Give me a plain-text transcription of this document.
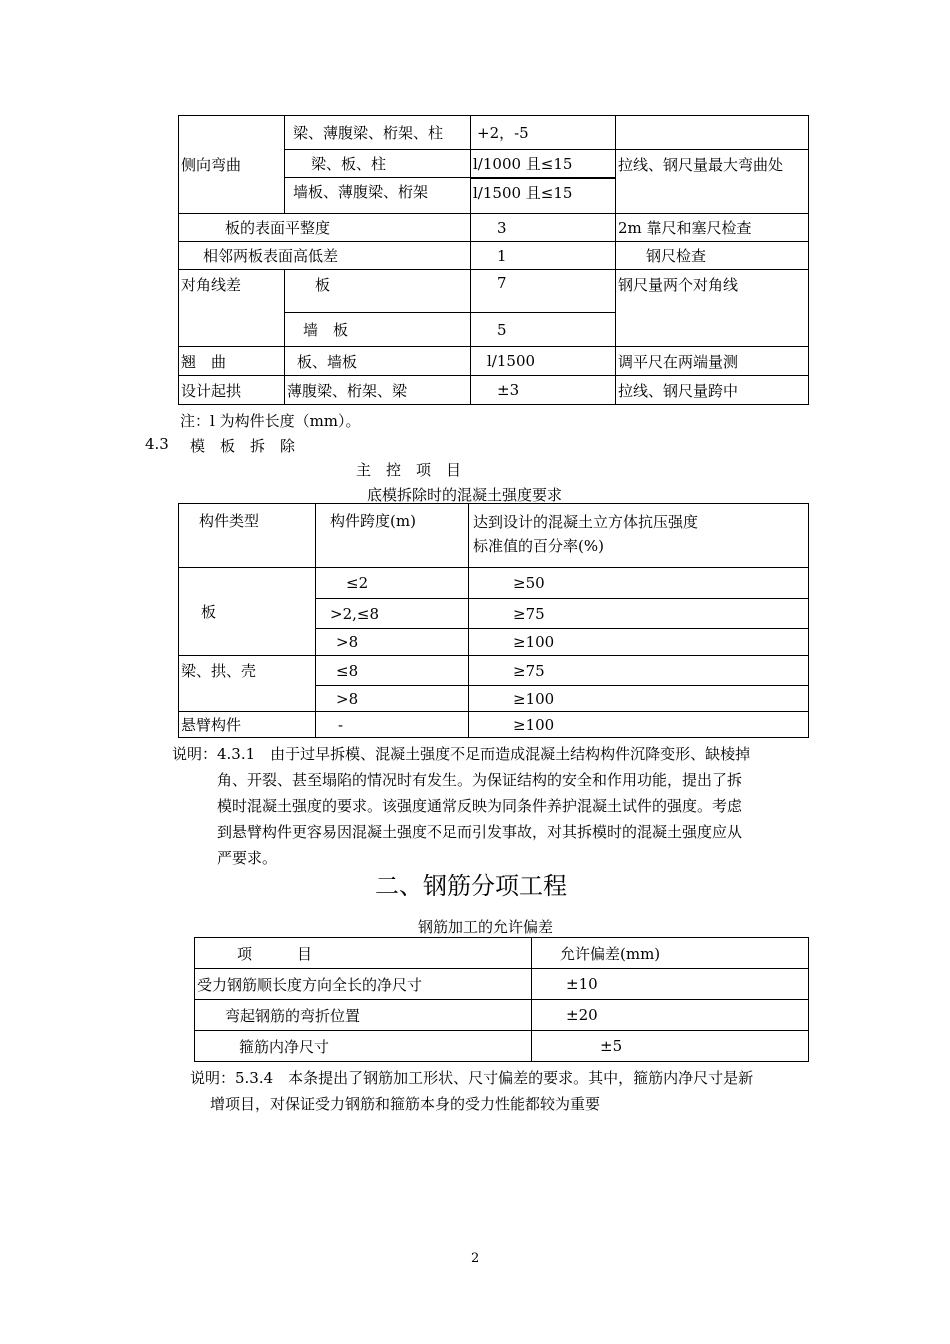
侧向弯曲	梁、薄腹梁、桁架、柱	+2，-5	
	梁、板、柱	l/1000 且≤15	拉线、钢尺量最大弯曲处
	墙板、薄腹梁、桁架	l/1500 且≤15	
板的表面平整度		3	2m 靠尺和塞尺检查
相邻两板表面高低差		1	钢尺检查
对角线差	板	7	钢尺量两个对角线
	墙　板	5	
翘　曲	板、墙板	l/1500	调平尺在两端量测
设计起拱	薄腹梁、桁架、梁	±3	拉线、钢尺量跨中
注：l 为构件长度（mm）。
4.3 模　板　拆　除
主　控　项　目
底模拆除时的混凝土强度要求
构件类型	构件跨度(m)	达到设计的混凝土立方体抗压强度
标准值的百分率(%)

板	≤2	≥50
	>2,≤8	≥75
	>8	≥100
梁、拱、壳	≤8	≥75
	>8	≥100
悬臂构件	-	≥100
说明：4.3.1　由于过早拆模、混凝土强度不足而造成混凝土结构构件沉降变形、缺棱掉
角、开裂、甚至塌陷的情况时有发生。为保证结构的安全和作用功能，提出了拆
模时混凝土强度的要求。该强度通常反映为同条件养护混凝土试件的强度。考虑
到悬臂构件更容易因混凝土强度不足而引发事故，对其拆模时的混凝土强度应从
严要求。
二、钢筋分项工程
钢筋加工的允许偏差
项　　　目	允许偏差(mm)
受力钢筋顺长度方向全长的净尺寸	±10
弯起钢筋的弯折位置	±20
箍筋内净尺寸	±5
说明：5.3.4　本条提出了钢筋加工形状、尺寸偏差的要求。其中，箍筋内净尺寸是新
增项目，对保证受力钢筋和箍筋本身的受力性能都较为重要
2
